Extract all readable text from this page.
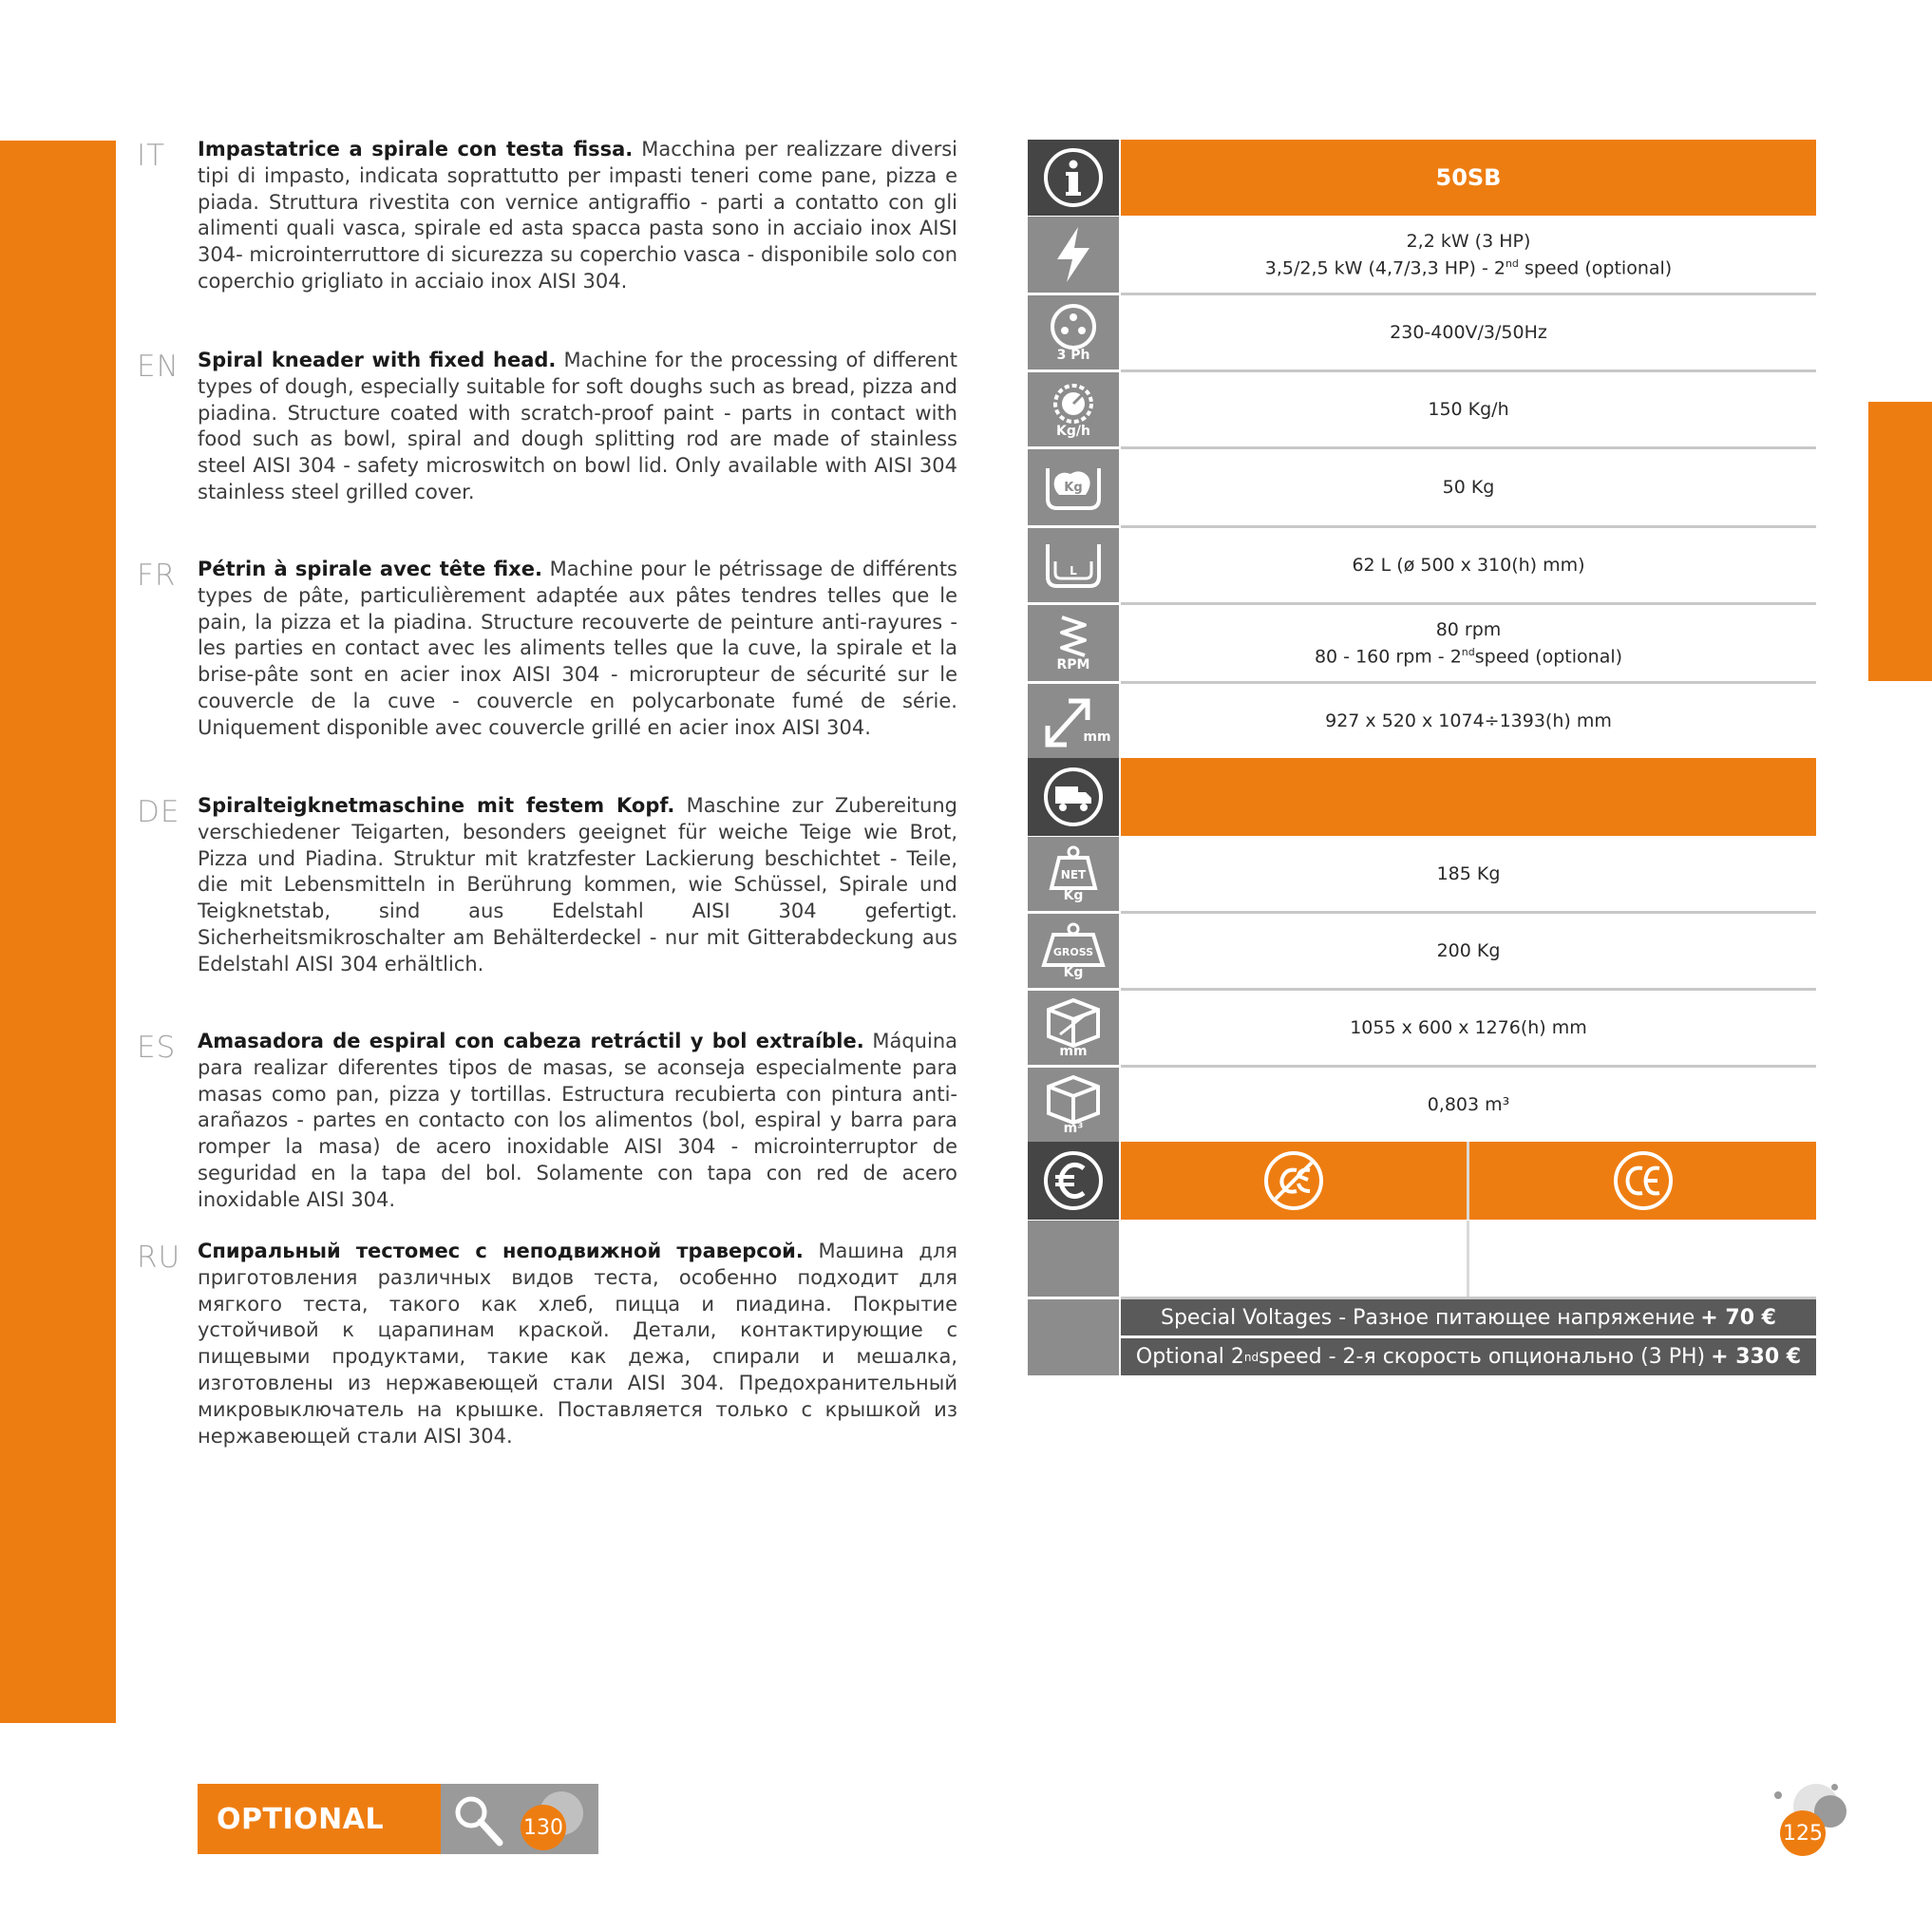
IT Impastatrice a spirale con testa fissa. Macchina per realizzare diversi tipi di impasto, indicata soprattutto per impasti teneri come pane, pizza e piada. Struttura rivestita con vernice antigraffio - parti a contatto con gli alimenti quali vasca, spirale ed asta spacca pasta sono in acciaio inox AISI 304- microinterruttore di sicurezza su coperchio vasca - disponibile solo con coperchio grigliato in acciaio inox AISI 304.
EN Spiral kneader with fixed head. Machine for the processing of different types of dough, especially suitable for soft doughs such as bread, pizza and piadina. Structure coated with scratch-proof paint - parts in contact with food such as bowl, spiral and dough splitting rod are made of stainless steel AISI 304 - safety microswitch on bowl lid. Only available with AISI 304 stainless steel grilled cover.
FR Pétrin à spirale avec tête fixe. Machine pour le pétrissage de différents types de pâte, particulièrement adaptée aux pâtes tendres telles que le pain, la pizza et la piadina. Structure recouverte de peinture anti-rayures - les parties en contact avec les aliments telles que la cuve, la spirale et la brise-pâte sont en acier inox AISI 304 - microrupteur de sécurité sur le couvercle de la cuve - couvercle en polycarbonate fumé de série. Uniquement disponible avec couvercle grillé en acier inox AISI 304.
DE Spiralteigknetmaschine mit festem Kopf. Maschine zur Zubereitung verschiedener Teigarten, besonders geeignet für weiche Teige wie Brot, Pizza und Piadina. Struktur mit kratzfester Lackierung beschichtet - Teile, die mit Lebensmitteln in Berührung kommen, wie Schüssel, Spirale und Teigknetstab, sind aus Edelstahl AISI 304 gefertigt. Sicherheitsmikroschalter am Behälterdeckel - nur mit Gitterabdeckung aus Edelstahl AISI 304 erhältlich.
ES Amasadora de espiral con cabeza retráctil y bol extraíble. Máquina para realizar diferentes tipos de masas, se aconseja especialmente para masas como pan, pizza y tortillas. Estructura recubierta con pintura anti-arañazos - partes en contacto con los alimentos (bol, espiral y barra para romper la masa) de acero inoxidable AISI 304 - microinterruptor de seguridad en la tapa del bol. Solamente con tapa con red de acero inoxidable AISI 304.
RU Спиральный тестомес с неподвижной траверсой. Машина для приготовления различных видов теста, особенно подходит для мягкого теста, такого как хлеб, пицца и пиадина. Покрытие устойчивой к царапинам краской. Детали, контактирующие с пищевыми продуктами, такие как дежа, спирали и мешалка, изготовлены из нержавеющей стали AISI 304. Предохранительный микровыключатель на крышке. Поставляется только с крышкой из нержавеющей стали AISI 304.
50SB
2,2 kW (3 HP)
3,5/2,5 kW (4,7/3,3 HP) - 2nd speed (optional)
3 Ph
230-400V/3/50Hz
Kg/h
150 Kg/h
Kg	50 Kg
L	62 L (ø 500 x 310(h) mm)
RPM
80 rpm
80 - 160 rpm - 2ndspeed (optional)
mm
927 x 520 x 1074÷1393(h) mm
NET
Kg
185 Kg
GROSS
Kg
200 Kg
mm
1055 x 600 x 1276(h) mm
m³
0,803 m³
Special Voltages - Разное питающее напряжение + 70 €
Optional 2 nd speed - 2-я скорость опционально (3 PH) + 330 €
OPTIONAL	130	125
